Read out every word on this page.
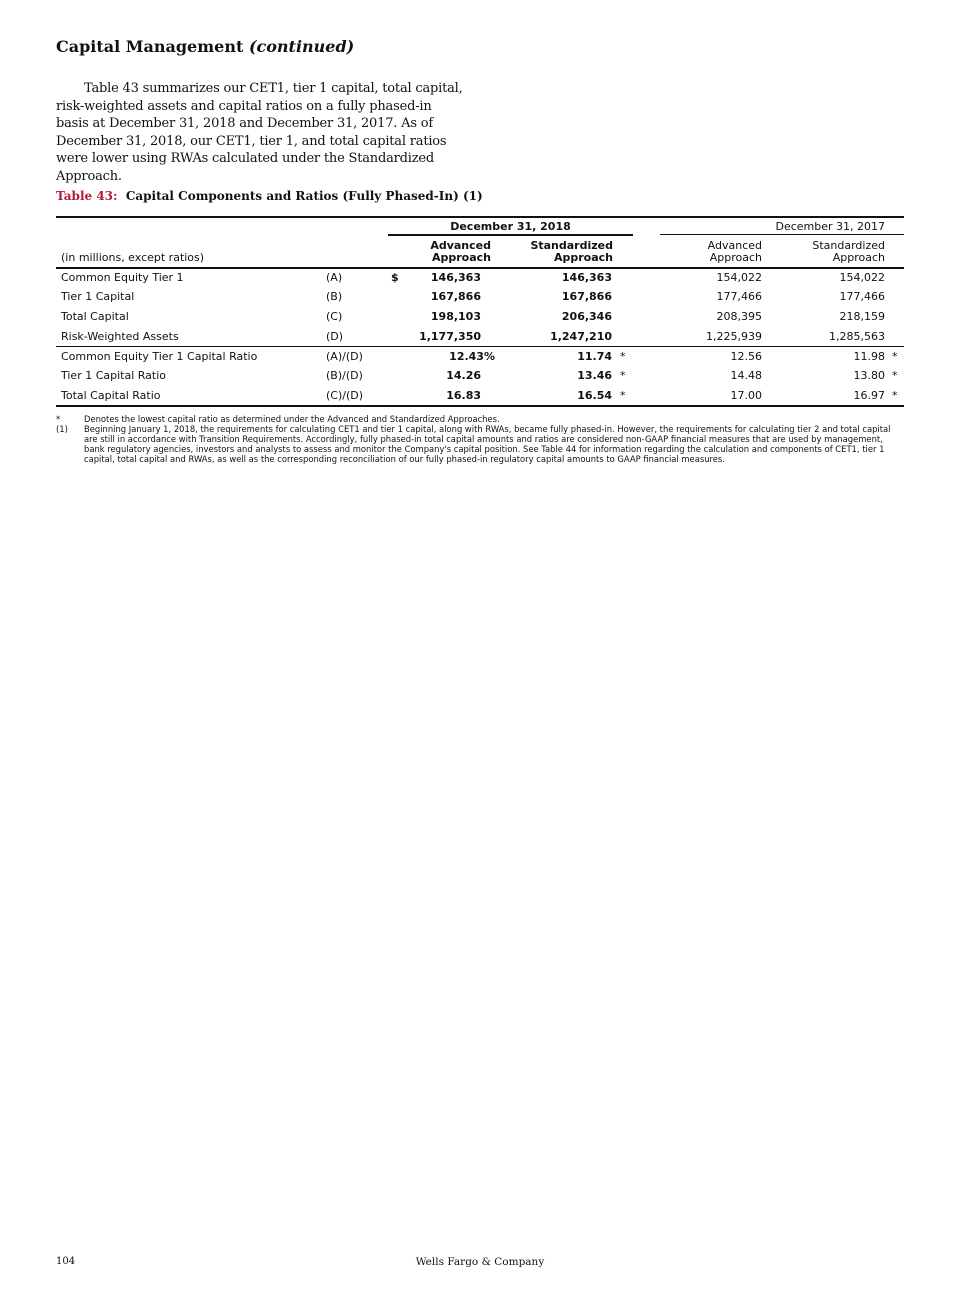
Capital Management (continued)

Table 43 summarizes our CET1, tier 1 capital, total capital, risk-weighted assets and capital ratios on a fully phased-in basis at December 31, 2018 and December 31, 2017. As of December 31, 2018, our CET1, tier 1, and total capital ratios were lower using RWAs calculated under the Standardized Approach.

Table 43: Capital Components and Ratios (Fully Phased-In) (1)
December 31, 2018	December 31, 2017
Advanced
Approach
Standardized
Approach
Advanced
Approach
Standardized
Approach
(in millions, except ratios)
Common Equity Tier 1	(A)	$	146,363	146,363	154,022	154,022
Tier 1 Capital	(B)	167,866	167,866	177,466	177,466
Total Capital	(C)	198,103	206,346	208,395	218,159
Risk-Weighted Assets	(D)	1,177,350	1,247,210	1,225,939	1,285,563
Common Equity Tier 1 Capital Ratio	(A)/(D)	12.43%	11.74 *	12.56	11.98 *
Tier 1 Capital Ratio	(B)/(D)	14.26	13.46 *	14.48	13.80 *
Total Capital Ratio	(C)/(D)	16.83	16.54 *	17.00	16.97 *
*	Denotes the lowest capital ratio as determined under the Advanced and Standardized Approaches.
(1) Beginning January 1, 2018, the requirements for calculating CET1 and tier 1 capital, along with RWAs, became fully phased-in. However, the requirements for calculating tier 2 and total capital are still in accordance with Transition Requirements. Accordingly, fully phased-in total capital amounts and ratios are considered non-GAAP financial measures that are used by management, bank regulatory agencies, investors and analysts to assess and monitor the Company's capital position. See Table 44 for information regarding the calculation and components of CET1, tier 1 capital, total capital and RWAs, as well as the corresponding reconciliation of our fully phased-in regulatory capital amounts to GAAP financial measures.
104	Wells Fargo & Company
